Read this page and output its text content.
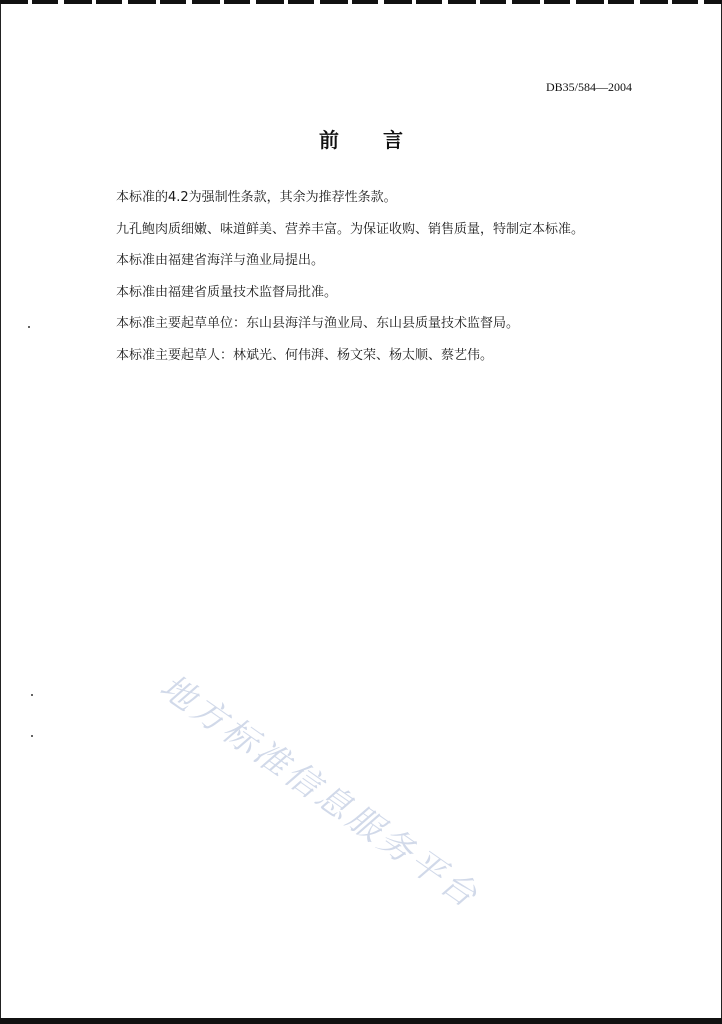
DB35/584—2004
前言
本标准的4.2为强制性条款，其余为推荐性条款。
九孔鲍肉质细嫩、味道鲜美、营养丰富。为保证收购、销售质量，特制定本标准。
本标准由福建省海洋与渔业局提出。
本标准由福建省质量技术监督局批准。
本标准主要起草单位：东山县海洋与渔业局、东山县质量技术监督局。
本标准主要起草人：林斌光、何伟湃、杨文荣、杨太顺、蔡艺伟。
地方标准信息服务平台
